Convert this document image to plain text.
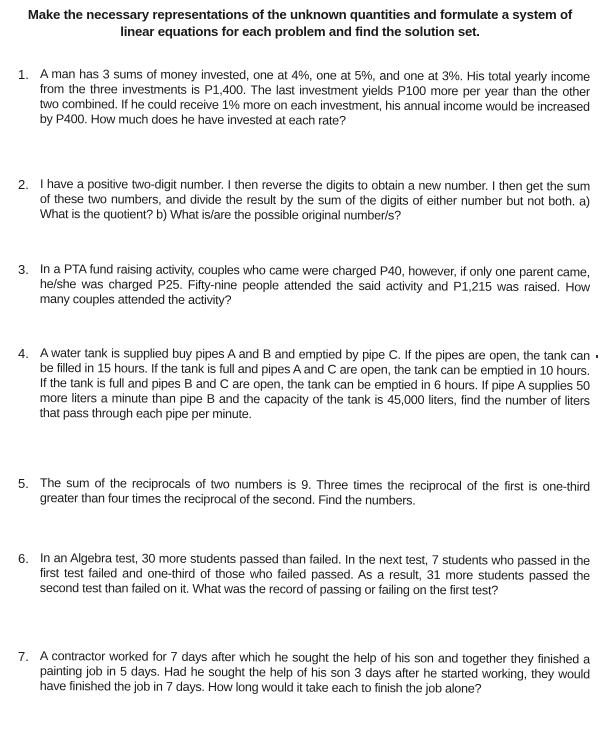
Make the necessary representations of the unknown quantities and formulate a system of linear equations for each problem and find the solution set.
1. A man has 3 sums of money invested, one at 4%, one at 5%, and one at 3%. His total yearly income from the three investments is P1,400. The last investment yields P100 more per year than the other two combined. If he could receive 1% more on each investment, his annual income would be increased by P400. How much does he have invested at each rate?
2. I have a positive two-digit number. I then reverse the digits to obtain a new number. I then get the sum of these two numbers, and divide the result by the sum of the digits of either number but not both. a) What is the quotient? b) What is/are the possible original number/s?
3. In a PTA fund raising activity, couples who came were charged P40, however, if only one parent came, he/she was charged P25. Fifty-nine people attended the said activity and P1,215 was raised. How many couples attended the activity?
4. A water tank is supplied buy pipes A and B and emptied by pipe C. If the pipes are open, the tank can be filled in 15 hours. If the tank is full and pipes A and C are open, the tank can be emptied in 10 hours. If the tank is full and pipes B and C are open, the tank can be emptied in 6 hours. If pipe A supplies 50 more liters a minute than pipe B and the capacity of the tank is 45,000 liters, find the number of liters that pass through each pipe per minute.
5. The sum of the reciprocals of two numbers is 9. Three times the reciprocal of the first is one-third greater than four times the reciprocal of the second. Find the numbers.
6. In an Algebra test, 30 more students passed than failed. In the next test, 7 students who passed in the first test failed and one-third of those who failed passed. As a result, 31 more students passed the second test than failed on it. What was the record of passing or failing on the first test?
7. A contractor worked for 7 days after which he sought the help of his son and together they finished a painting job in 5 days. Had he sought the help of his son 3 days after he started working, they would have finished the job in 7 days. How long would it take each to finish the job alone?
